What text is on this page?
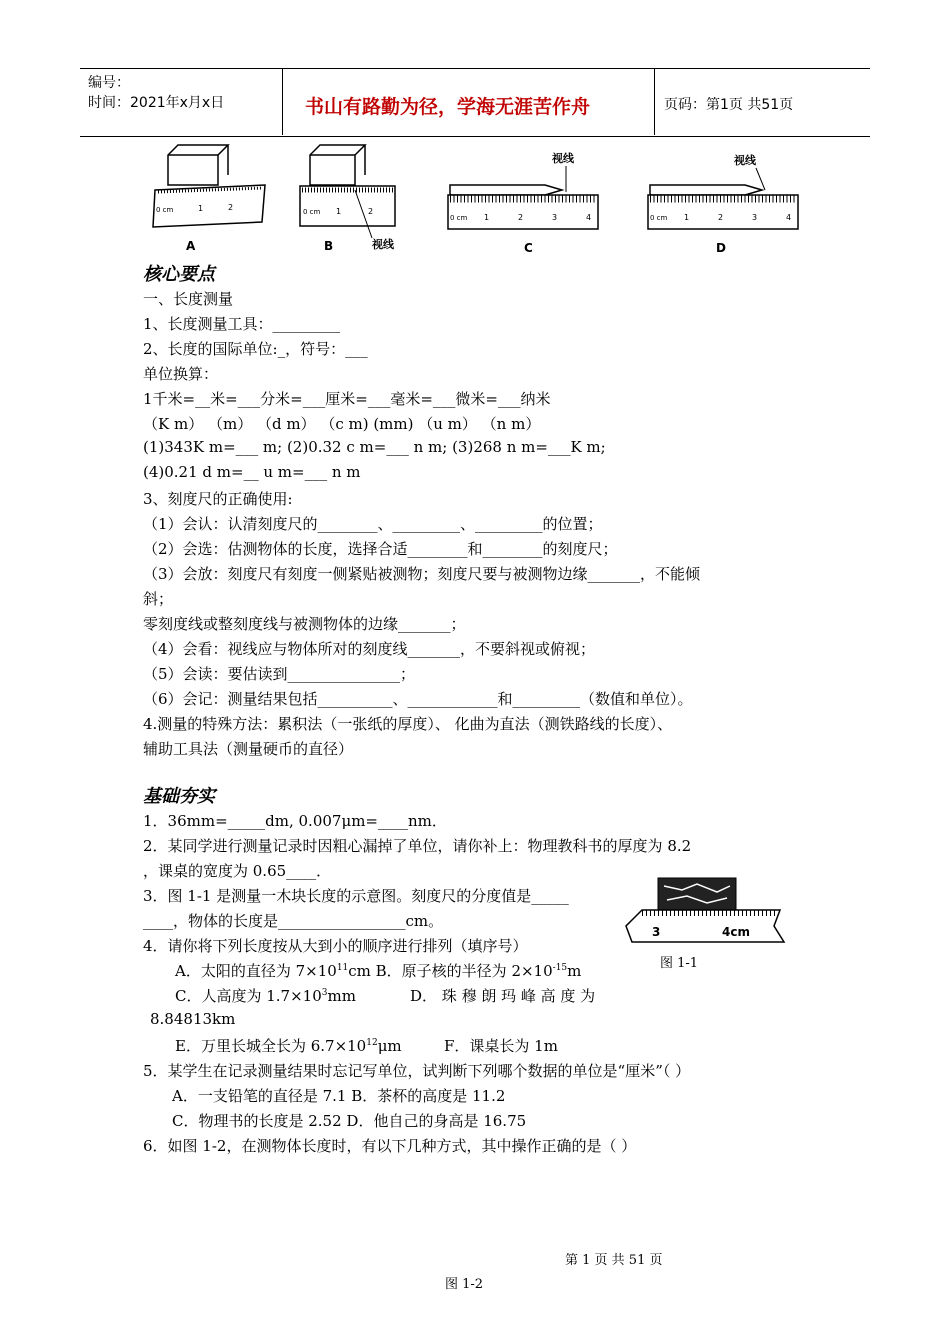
编号：
时间：2021年x月x日	书山有路勤为径，学海无涯苦作舟	页码：第1页 共51页
0 cm	1	2
A
0 cm 1	2
视线
B
0 cm 1	2	3	4
视线
C
0 cm 1	2	3	4
视线
D
核心要点
一、长度测量
1、长度测量工具：_________
2、长度的国际单位:_，符号：___
单位换算：
1千米=__米=___分米=___厘米=___毫米=___微米=___纳米
（K m） （m） （d m） （c m) (mm) （u m） （n m）
(1)343K m=___ m; (2)0.32 c m=___ n m; (3)268 n m=___K m;
(4)0.21 d m=__ u m=___ n m
3、刻度尺的正确使用:
（1）会认：认清刻度尺的________、_________、_________的位置；
（2）会选：估测物体的长度，选择合适________和________的刻度尺；
（3）会放：刻度尺有刻度一侧紧贴被测物；刻度尺要与被测物边缘_______，不能倾
斜；
零刻度线或整刻度线与被测物体的边缘_______；
（4）会看：视线应与物体所对的刻度线_______，不要斜视或俯视；
（5）会读：要估读到_______________；
（6）会记：测量结果包括__________、____________和_________（数值和单位）。
4.测量的特殊方法：累积法（一张纸的厚度）、 化曲为直法（测铁路线的长度）、
辅助工具法（测量硬币的直径）
基础夯实
1．36mm=_____dm, 0.007μm=____nm．
2．某同学进行测量记录时因粗心漏掉了单位，请你补上：物理教科书的厚度为 8.2
，课桌的宽度为 0.65____．
3．图 1-1 是测量一木块长度的示意图。刻度尺的分度值是_____
____，物体的长度是_________________cm。
4．请你将下列长度按从大到小的顺序进行排列（填序号）
A．太阳的直径为 $7\times 10^{11}cm$ B．原子核的半径为 $2\times 10^{-15}m$
C．人高度为 $1.7\times 10^3mm$	D． 珠 穆 朗 玛 峰 高 度 为
8.84813km
E．万里长城全长为 $6.7\times 10^{12}\mu m$	F．课桌长为 1m
5．某学生在记录测量结果时忘记写单位，试判断下列哪个数据的单位是“厘米”（ ）
A．一支铅笔的直径是 7.1 B．茶杯的高度是 11.2
C．物理书的长度是 2.52 D．他自己的身高是 16.75
6．如图 1-2，在测物体长度时，有以下几种方式，其中操作正确的是（ ）
3	4cm
图 1-1
第 1 页 共 51 页
图 1-2
